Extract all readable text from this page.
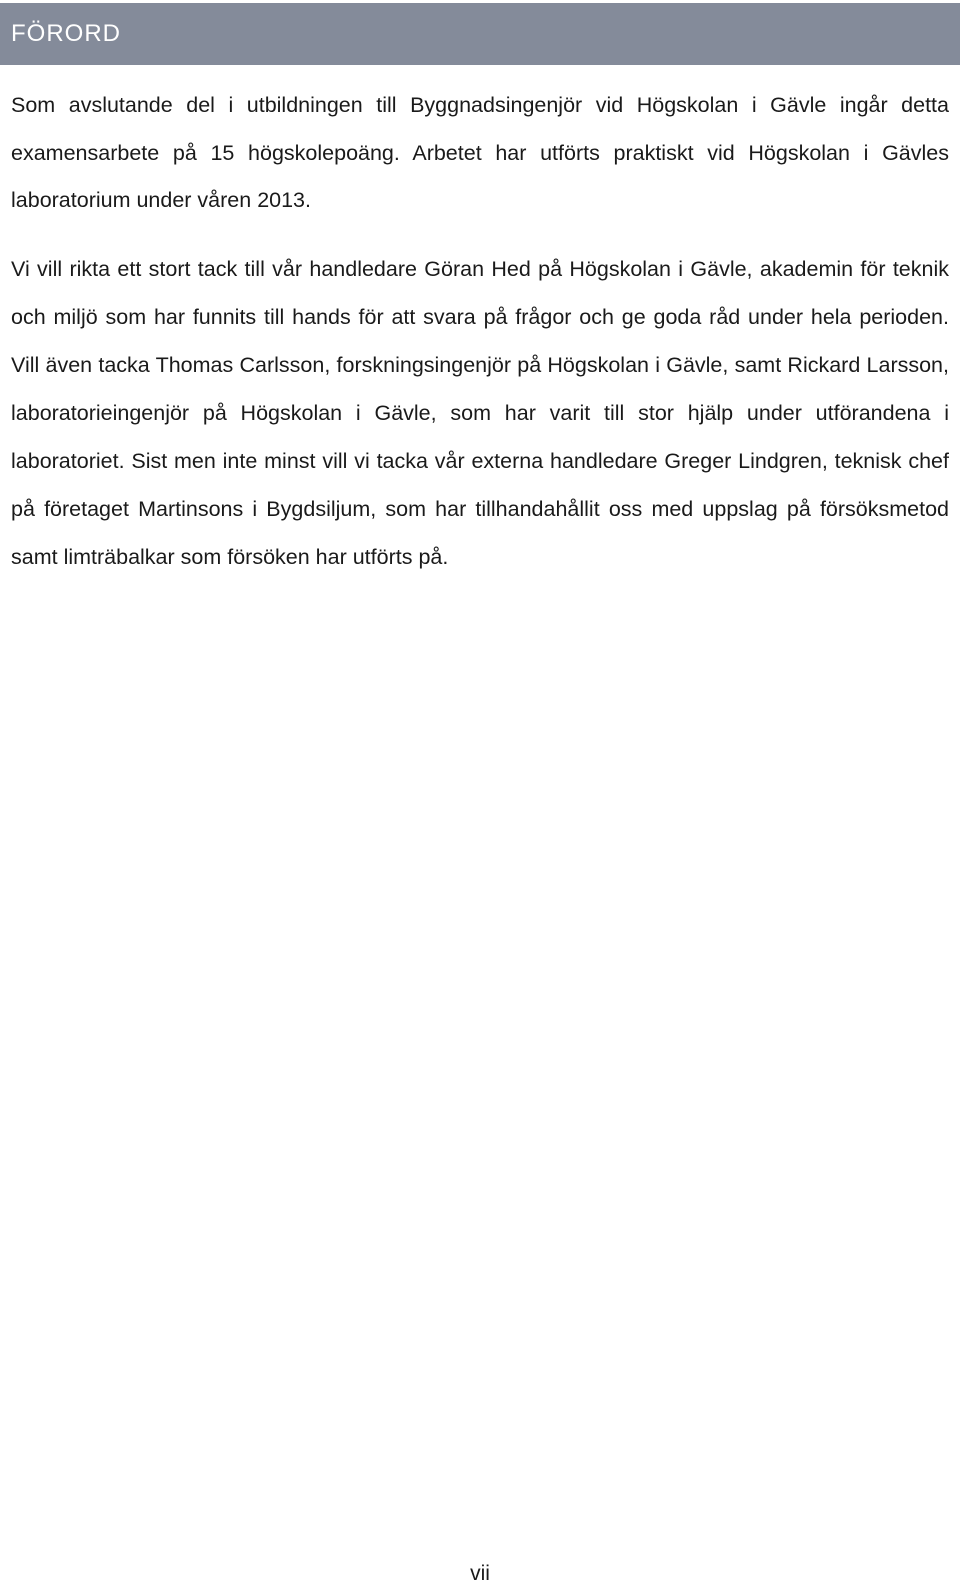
FÖRORD

Som avslutande del i utbildningen till Byggnadsingenjör vid Högskolan i Gävle ingår detta examensarbete på 15 högskolepoäng. Arbetet har utförts praktiskt vid Högskolan i Gävles laboratorium under våren 2013.

Vi vill rikta ett stort tack till vår handledare Göran Hed på Högskolan i Gävle, akademin för teknik och miljö som har funnits till hands för att svara på frågor och ge goda råd under hela perioden. Vill även tacka Thomas Carlsson, forskningsingenjör på Högskolan i Gävle, samt Rickard Larsson, laboratorieingenjör på Högskolan i Gävle, som har varit till stor hjälp under utförandena i laboratoriet. Sist men inte minst vill vi tacka vår externa handledare Greger Lindgren, teknisk chef på företaget Martinsons i Bygdsiljum, som har tillhandahållit oss med uppslag på försöksmetod samt limträbalkar som försöken har utförts på.

vii
